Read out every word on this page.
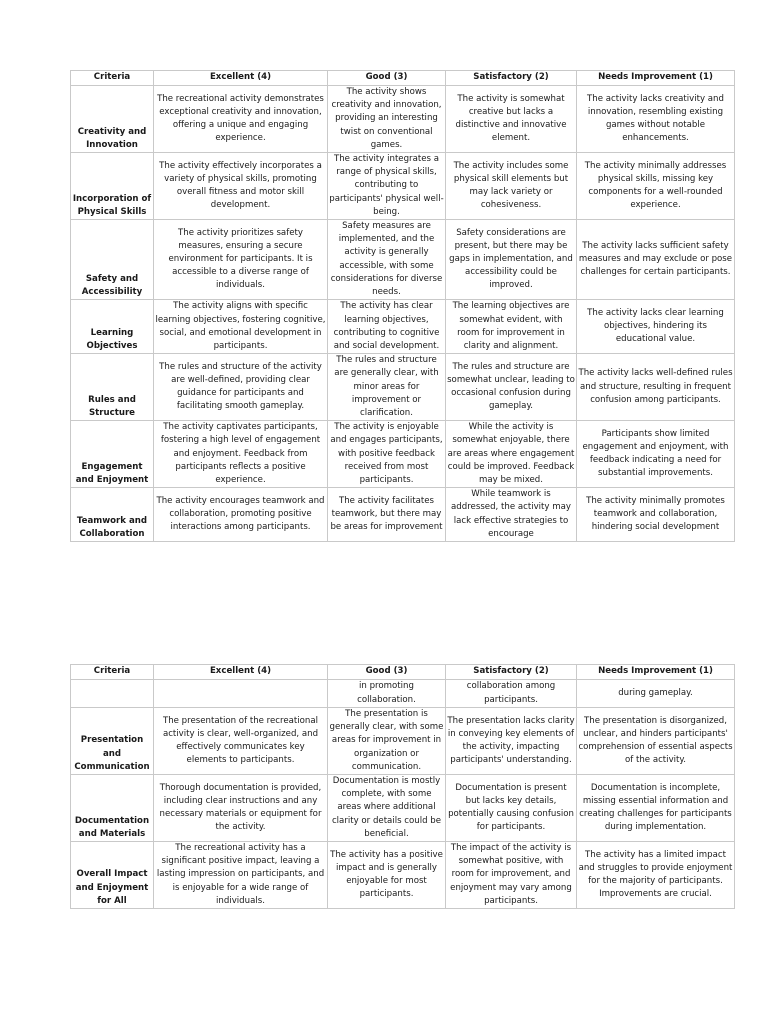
Criteria	Excellent (4)	Good (3)	Satisfactory (2)	Needs Improvement (1)
Creativity and Innovation	The recreational activity demonstrates exceptional creativity and innovation, offering a unique and engaging experience.	The activity shows creativity and innovation, providing an interesting twist on conventional games.	The activity is somewhat creative but lacks a distinctive and innovative element.	The activity lacks creativity and innovation, resembling existing games without notable enhancements.
Incorporation of Physical Skills	The activity effectively incorporates a variety of physical skills, promoting overall fitness and motor skill development.	The activity integrates a range of physical skills, contributing to participants' physical well-being.	The activity includes some physical skill elements but may lack variety or cohesiveness.	The activity minimally addresses physical skills, missing key components for a well-rounded experience.
Safety and Accessibility	The activity prioritizes safety measures, ensuring a secure environment for participants. It is accessible to a diverse range of individuals.	Safety measures are implemented, and the activity is generally accessible, with some considerations for diverse needs.	Safety considerations are present, but there may be gaps in implementation, and accessibility could be improved.	The activity lacks sufficient safety measures and may exclude or pose challenges for certain participants.
Learning Objectives	The activity aligns with specific learning objectives, fostering cognitive, social, and emotional development in participants.	The activity has clear learning objectives, contributing to cognitive and social development.	The learning objectives are somewhat evident, with room for improvement in clarity and alignment.	The activity lacks clear learning objectives, hindering its educational value.
Rules and Structure	The rules and structure of the activity are well-defined, providing clear guidance for participants and facilitating smooth gameplay.	The rules and structure are generally clear, with minor areas for improvement or clarification.	The rules and structure are somewhat unclear, leading to occasional confusion during gameplay.	The activity lacks well-defined rules and structure, resulting in frequent confusion among participants.
Engagement and Enjoyment	The activity captivates participants, fostering a high level of engagement and enjoyment. Feedback from participants reflects a positive experience.	The activity is enjoyable and engages participants, with positive feedback received from most participants.	While the activity is somewhat enjoyable, there are areas where engagement could be improved. Feedback may be mixed.	Participants show limited engagement and enjoyment, with feedback indicating a need for substantial improvements.
Teamwork and Collaboration	The activity encourages teamwork and collaboration, promoting positive interactions among participants.	The activity facilitates teamwork, but there may be areas for improvement	While teamwork is addressed, the activity may lack effective strategies to encourage	The activity minimally promotes teamwork and collaboration, hindering social development
Criteria	Excellent (4)	Good (3)	Satisfactory (2)	Needs Improvement (1)
		in promoting collaboration.	collaboration among participants.	during gameplay.
Presentation and Communication	The presentation of the recreational activity is clear, well-organized, and effectively communicates key elements to participants.	The presentation is generally clear, with some areas for improvement in organization or communication.	The presentation lacks clarity in conveying key elements of the activity, impacting participants' understanding.	The presentation is disorganized, unclear, and hinders participants' comprehension of essential aspects of the activity.
Documentation and Materials	Thorough documentation is provided, including clear instructions and any necessary materials or equipment for the activity.	Documentation is mostly complete, with some areas where additional clarity or details could be beneficial.	Documentation is present but lacks key details, potentially causing confusion for participants.	Documentation is incomplete, missing essential information and creating challenges for participants during implementation.
Overall Impact and Enjoyment for All	The recreational activity has a significant positive impact, leaving a lasting impression on participants, and is enjoyable for a wide range of individuals.	The activity has a positive impact and is generally enjoyable for most participants.	The impact of the activity is somewhat positive, with room for improvement, and enjoyment may vary among participants.	The activity has a limited impact and struggles to provide enjoyment for the majority of participants. Improvements are crucial.
